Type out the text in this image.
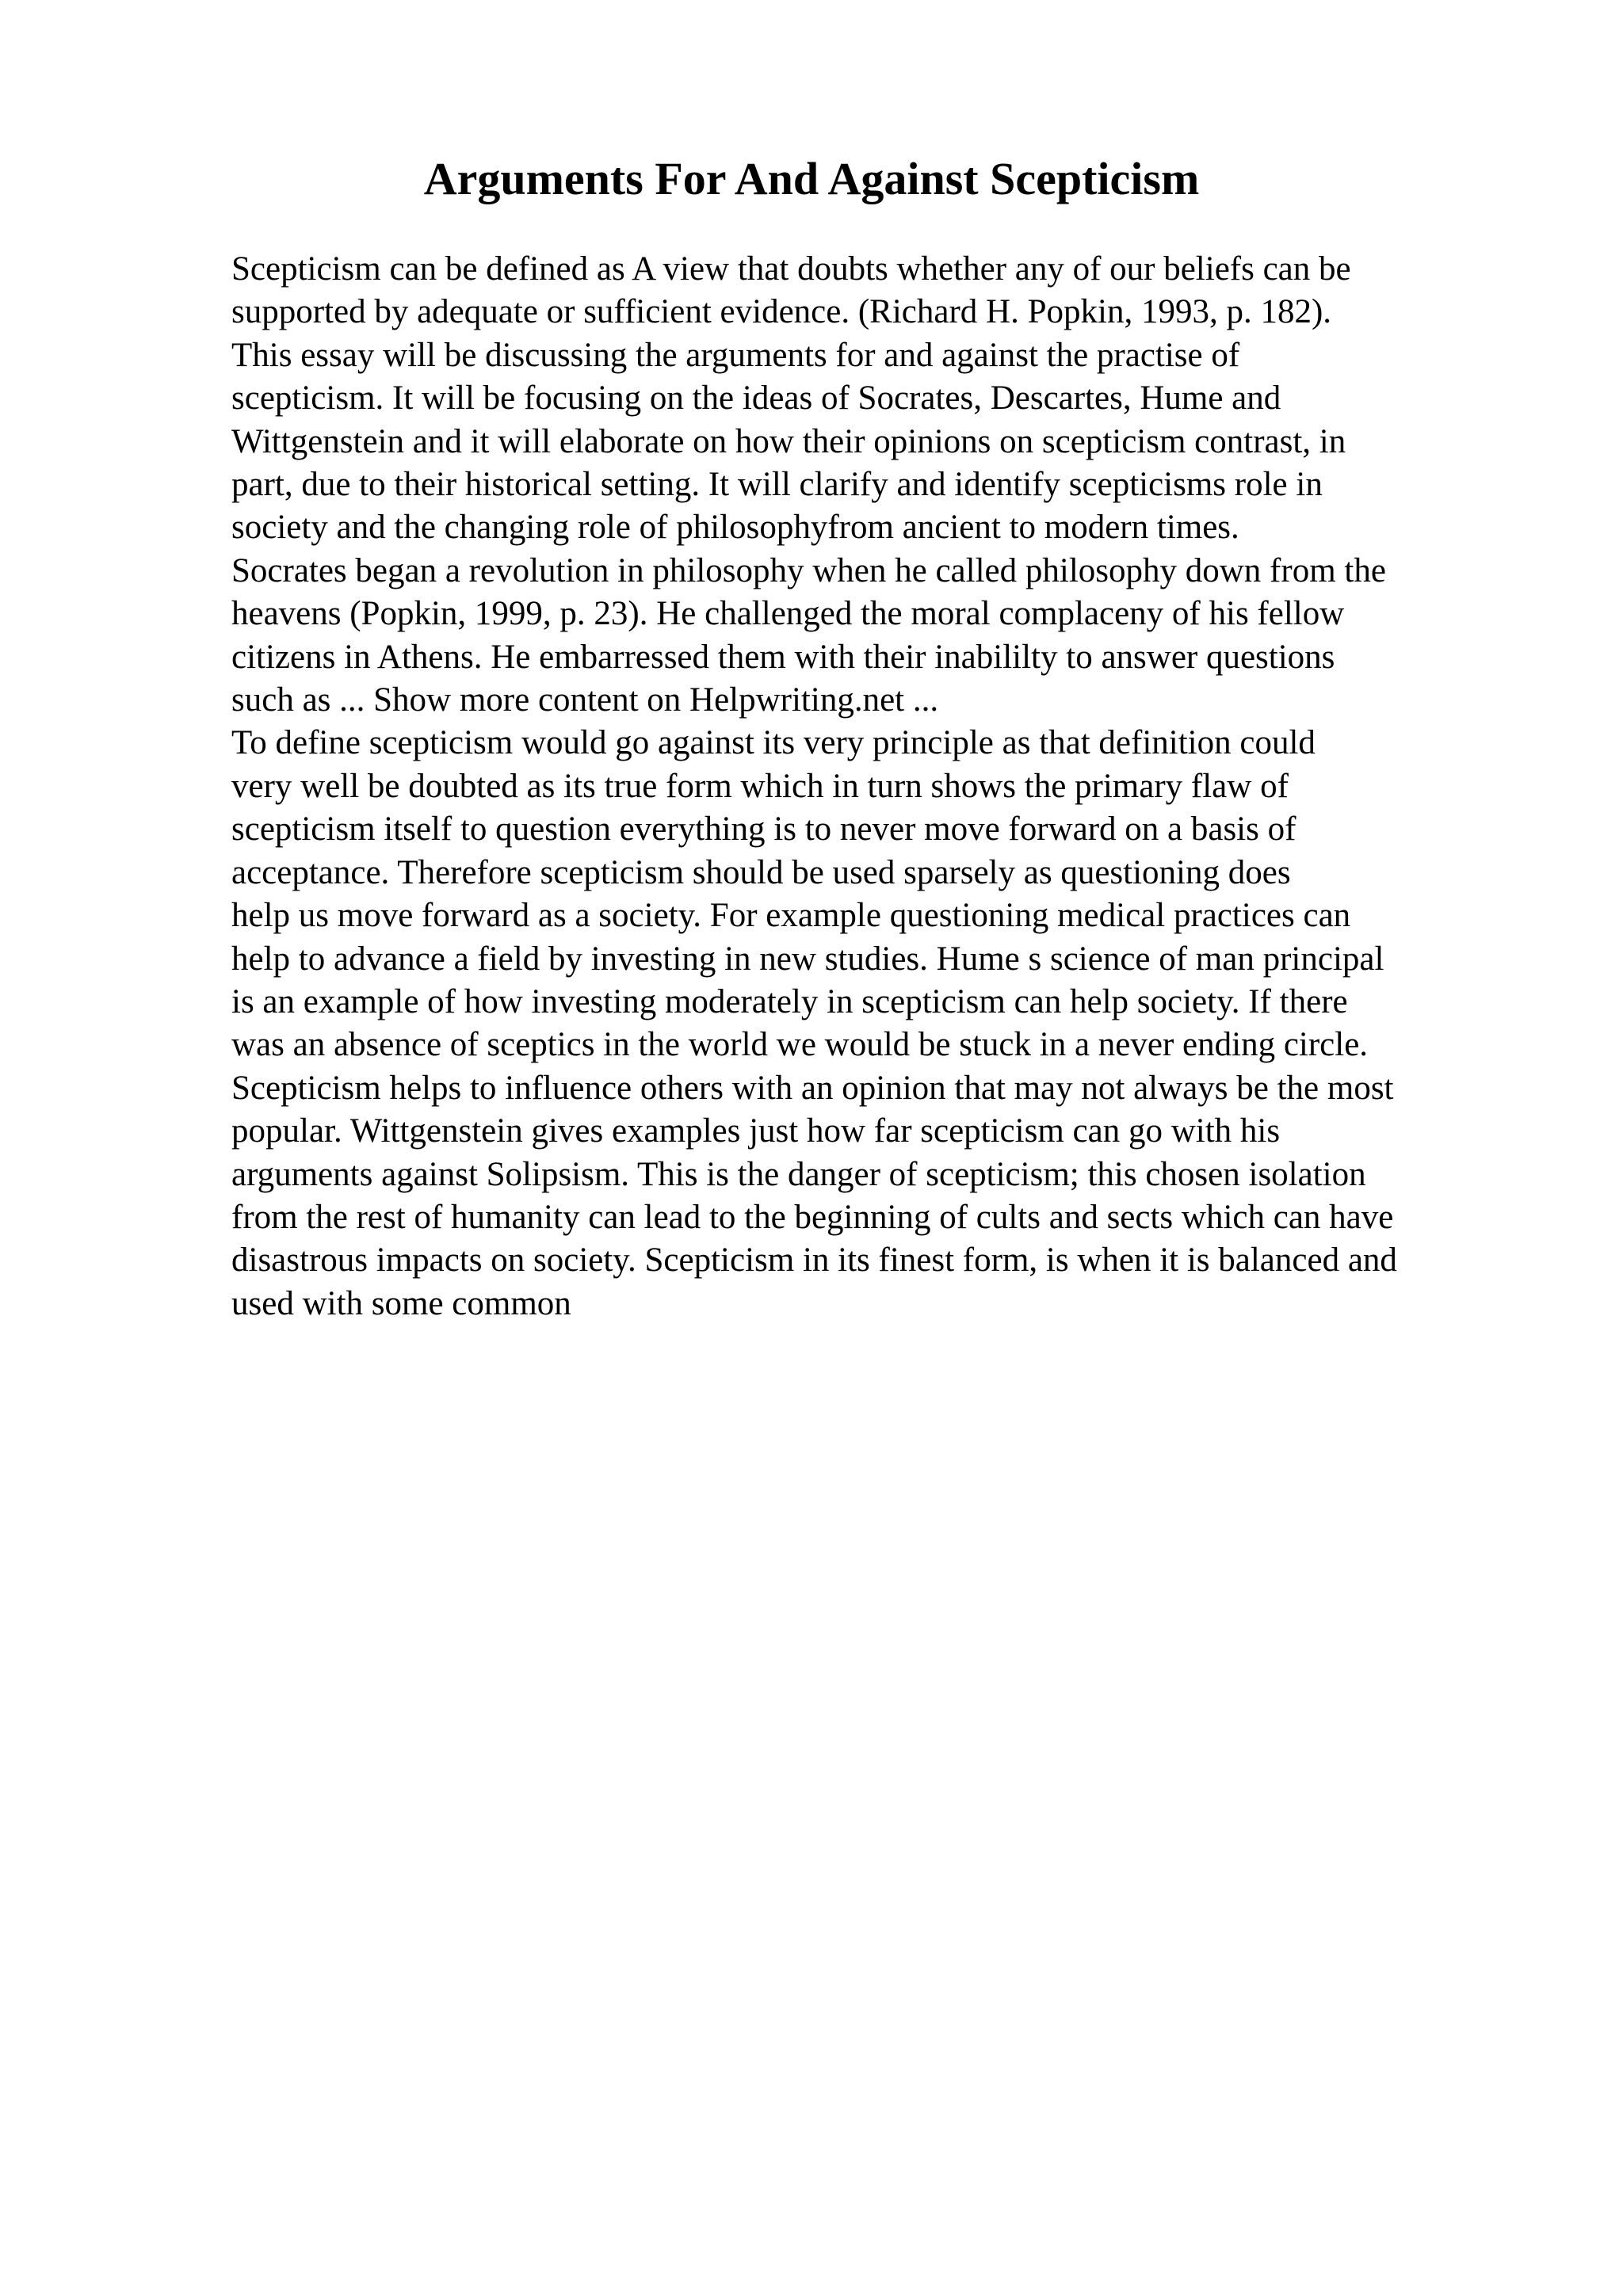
Arguments For And Against Scepticism
Scepticism can be defined as A view that doubts whether any of our beliefs can be
supported by adequate or sufficient evidence. (Richard H. Popkin, 1993, p. 182).
This essay will be discussing the arguments for and against the practise of
scepticism. It will be focusing on the ideas of Socrates, Descartes, Hume and
Wittgenstein and it will elaborate on how their opinions on scepticism contrast, in
part, due to their historical setting. It will clarify and identify scepticisms role in
society and the changing role of philosophyfrom ancient to modern times.
Socrates began a revolution in philosophy when he called philosophy down from the
heavens (Popkin, 1999, p. 23). He challenged the moral complaceny of his fellow
citizens in Athens. He embarressed them with their inabililty to answer questions
such as ... Show more content on Helpwriting.net ...
To define scepticism would go against its very principle as that definition could
very well be doubted as its true form which in turn shows the primary flaw of
scepticism itself to question everything is to never move forward on a basis of
acceptance. Therefore scepticism should be used sparsely as questioning does
help us move forward as a society. For example questioning medical practices can
help to advance a field by investing in new studies. Hume s science of man principal
is an example of how investing moderately in scepticism can help society. If there
was an absence of sceptics in the world we would be stuck in a never ending circle.
Scepticism helps to influence others with an opinion that may not always be the most
popular. Wittgenstein gives examples just how far scepticism can go with his
arguments against Solipsism. This is the danger of scepticism; this chosen isolation
from the rest of humanity can lead to the beginning of cults and sects which can have
disastrous impacts on society. Scepticism in its finest form, is when it is balanced and
used with some common
